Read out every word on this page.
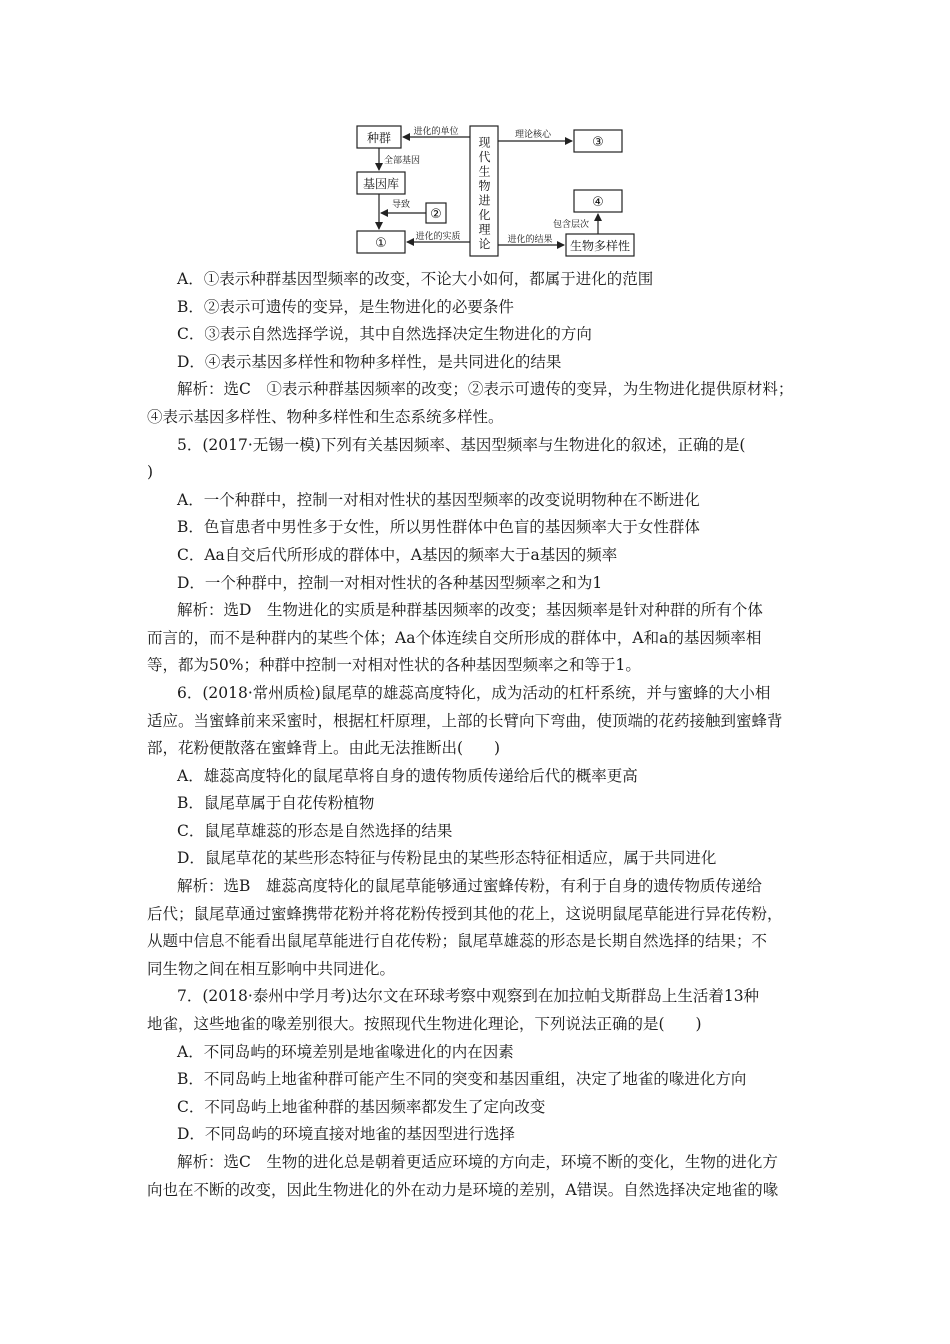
种群
基因库
②
①
③
④
生物多样性
现代生物进化理论
进化的单位
全部基因
导致
进化的实质
理论核心
进化的结果
包含层次
A．①表示种群基因型频率的改变，不论大小如何，都属于进化的范围
B．②表示可遗传的变异，是生物进化的必要条件
C．③表示自然选择学说，其中自然选择决定生物进化的方向
D．④表示基因多样性和物种多样性，是共同进化的结果
解析：选C　①表示种群基因频率的改变；②表示可遗传的变异，为生物进化提供原材料；
④表示基因多样性、物种多样性和生态系统多样性。
5．(2017·无锡一模)下列有关基因频率、基因型频率与生物进化的叙述，正确的是(
)
A．一个种群中，控制一对相对性状的基因型频率的改变说明物种在不断进化
B．色盲患者中男性多于女性，所以男性群体中色盲的基因频率大于女性群体
C．Aa自交后代所形成的群体中，A基因的频率大于a基因的频率
D．一个种群中，控制一对相对性状的各种基因型频率之和为1
解析：选D　生物进化的实质是种群基因频率的改变；基因频率是针对种群的所有个体
而言的，而不是种群内的某些个体；Aa个体连续自交所形成的群体中，A和a的基因频率相
等，都为50%；种群中控制一对相对性状的各种基因型频率之和等于1。
6．(2018·常州质检)鼠尾草的雄蕊高度特化，成为活动的杠杆系统，并与蜜蜂的大小相
适应。当蜜蜂前来采蜜时，根据杠杆原理，上部的长臂向下弯曲，使顶端的花药接触到蜜蜂背
部，花粉便散落在蜜蜂背上。由此无法推断出(　　)
A．雄蕊高度特化的鼠尾草将自身的遗传物质传递给后代的概率更高
B．鼠尾草属于自花传粉植物
C．鼠尾草雄蕊的形态是自然选择的结果
D．鼠尾草花的某些形态特征与传粉昆虫的某些形态特征相适应，属于共同进化
解析：选B　雄蕊高度特化的鼠尾草能够通过蜜蜂传粉，有利于自身的遗传物质传递给
后代；鼠尾草通过蜜蜂携带花粉并将花粉传授到其他的花上，这说明鼠尾草能进行异花传粉，
从题中信息不能看出鼠尾草能进行自花传粉；鼠尾草雄蕊的形态是长期自然选择的结果；不
同生物之间在相互影响中共同进化。
7．(2018·泰州中学月考)达尔文在环球考察中观察到在加拉帕戈斯群岛上生活着13种
地雀，这些地雀的喙差别很大。按照现代生物进化理论，下列说法正确的是(　　)
A．不同岛屿的环境差别是地雀喙进化的内在因素
B．不同岛屿上地雀种群可能产生不同的突变和基因重组，决定了地雀的喙进化方向
C．不同岛屿上地雀种群的基因频率都发生了定向改变
D．不同岛屿的环境直接对地雀的基因型进行选择
解析：选C　生物的进化总是朝着更适应环境的方向走，环境不断的变化，生物的进化方
向也在不断的改变，因此生物进化的外在动力是环境的差别，A错误。自然选择决定地雀的喙
